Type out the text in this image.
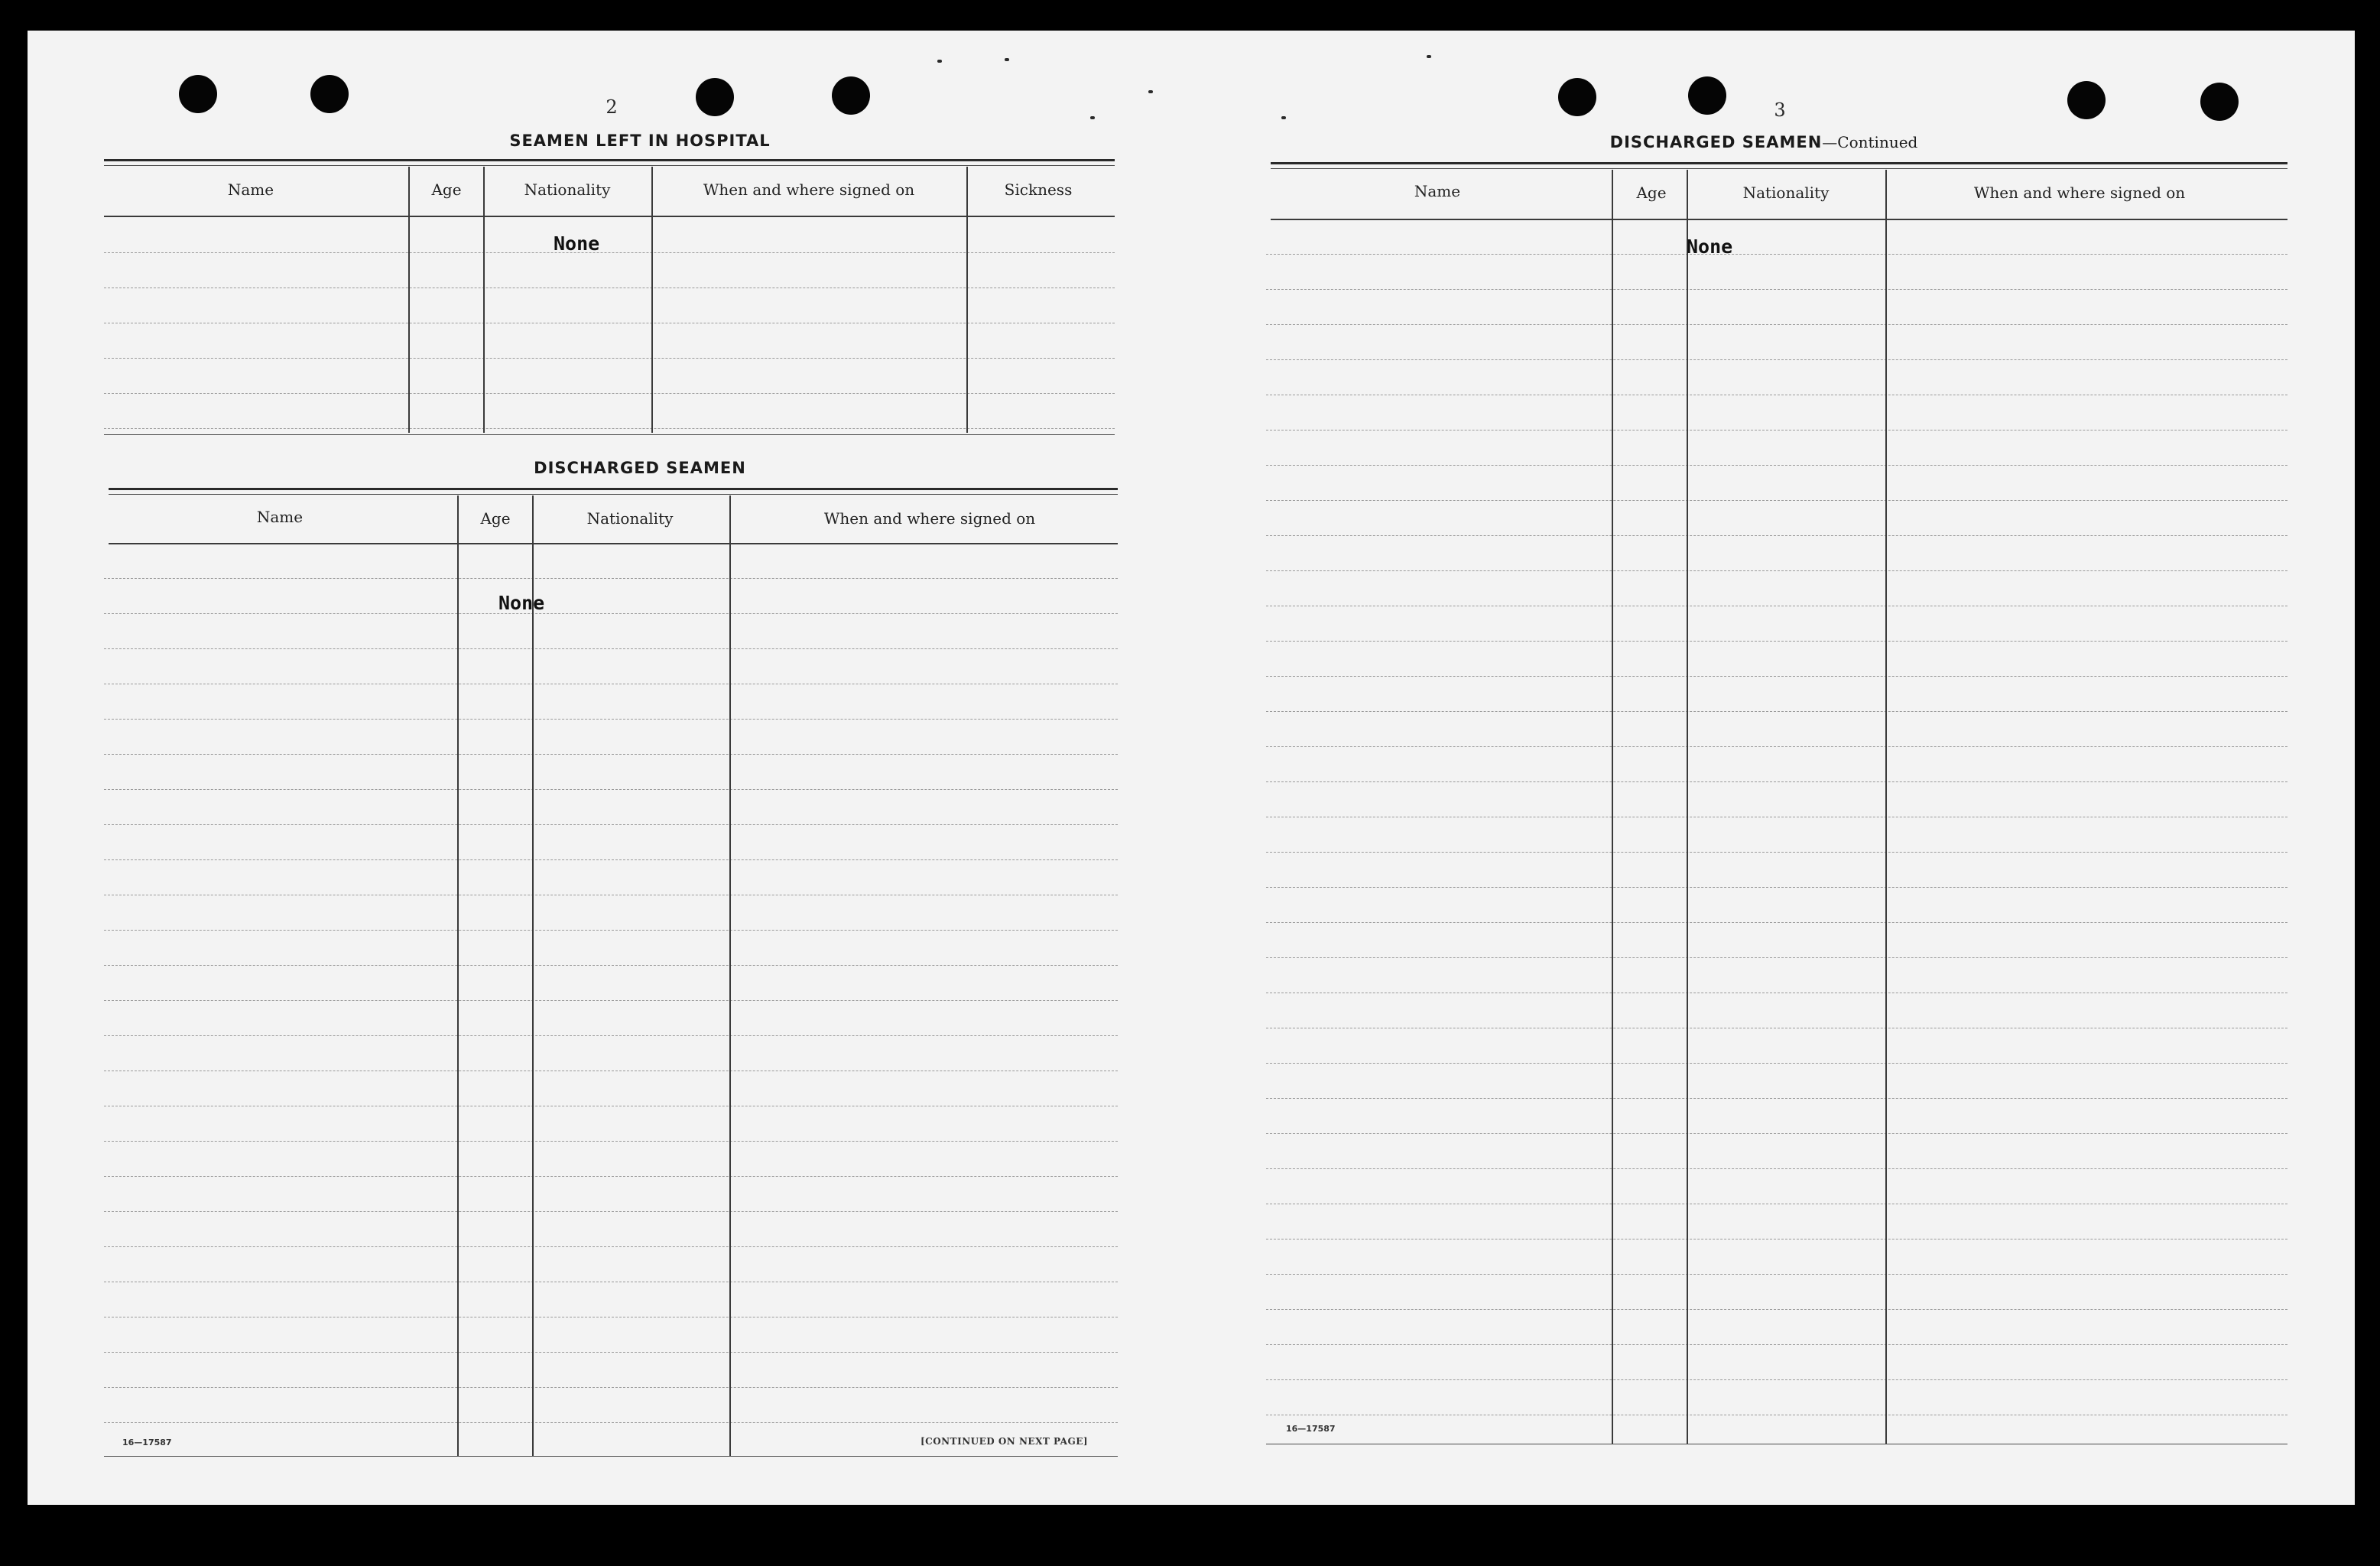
2
SEAMEN LEFT IN HOSPITAL
Name	Age	Nationality	When and where signed on	Sickness
None
DISCHARGED SEAMEN
Name	Age	Nationality	When and where signed on
None
16—17587	[CONTINUED ON NEXT PAGE]
3
DISCHARGED SEAMEN—Continued
Name	Age	Nationality	When and where signed on
None
16—17587
